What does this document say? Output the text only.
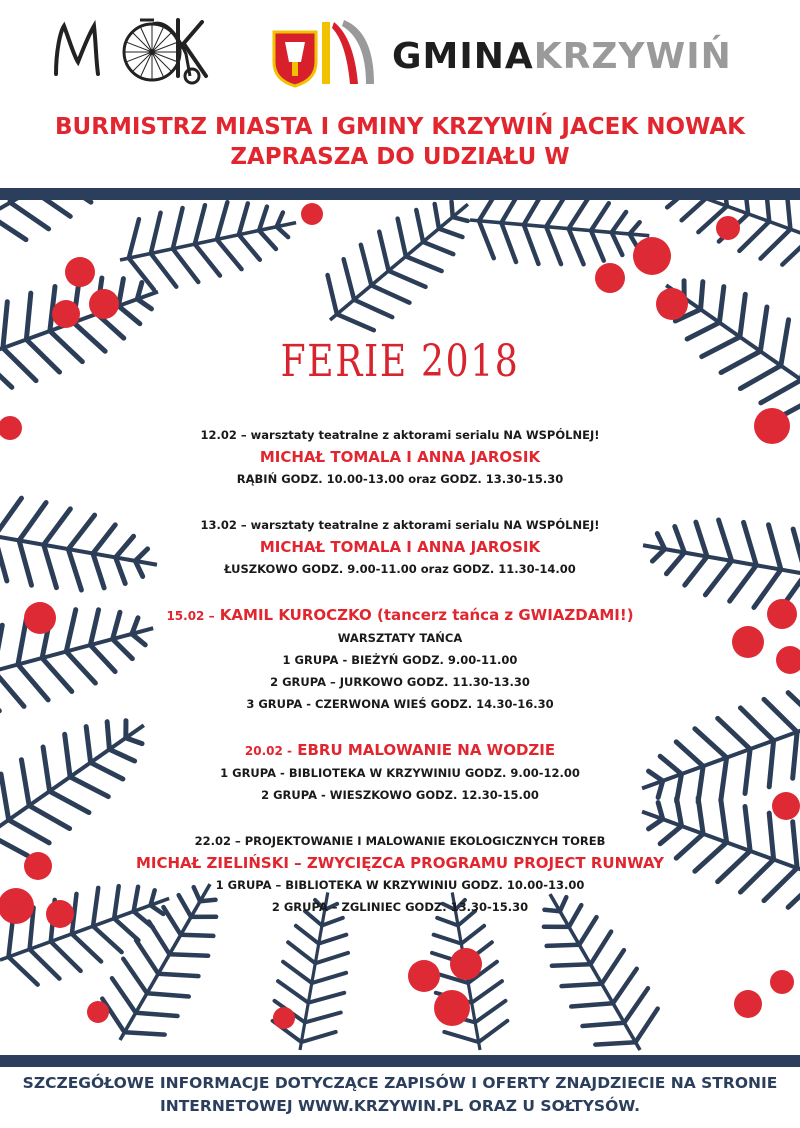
GMINAKRZYWIŃ
BURMISTRZ MIASTA I GMINY KRZYWIŃ JACEK NOWAK
ZAPRASZA DO UDZIAŁU W
FERIE 2018
12.02 – warsztaty teatralne z aktorami serialu NA WSPÓLNEJ!
MICHAŁ TOMALA I ANNA JAROSIK
RĄBIŃ GODZ. 10.00-13.00 oraz GODZ. 13.30-15.30
13.02 – warsztaty teatralne z aktorami serialu NA WSPÓLNEJ!
MICHAŁ TOMALA I ANNA JAROSIK
ŁUSZKOWO GODZ. 9.00-11.00 oraz GODZ. 11.30-14.00
15.02 – KAMIL KUROCZKO (tancerz tańca z GWIAZDAMI!)
WARSZTATY TAŃCA
1 GRUPA - BIEŻYŃ GODZ. 9.00-11.00
2 GRUPA – JURKOWO GODZ. 11.30-13.30
3 GRUPA - CZERWONA WIEŚ GODZ. 14.30-16.30
20.02 - EBRU MALOWANIE NA WODZIE
1 GRUPA - BIBLIOTEKA W KRZYWINIU GODZ. 9.00-12.00
2 GRUPA - WIESZKOWO GODZ. 12.30-15.00
22.02 – PROJEKTOWANIE I MALOWANIE EKOLOGICZNYCH TOREB
MICHAŁ ZIELIŃSKI – ZWYCIĘZCA PROGRAMU PROJECT RUNWAY
1 GRUPA – BIBLIOTEKA W KRZYWINIU GODZ. 10.00-13.00
2 GRUPA – ZGLINIEC GODZ. 13.30-15.30
SZCZEGÓŁOWE INFORMACJE DOTYCZĄCE ZAPISÓW I OFERTY ZNAJDZIECIE NA STRONIE
INTERNETOWEJ WWW.KRZYWIN.PL ORAZ U SOŁTYSÓW.
